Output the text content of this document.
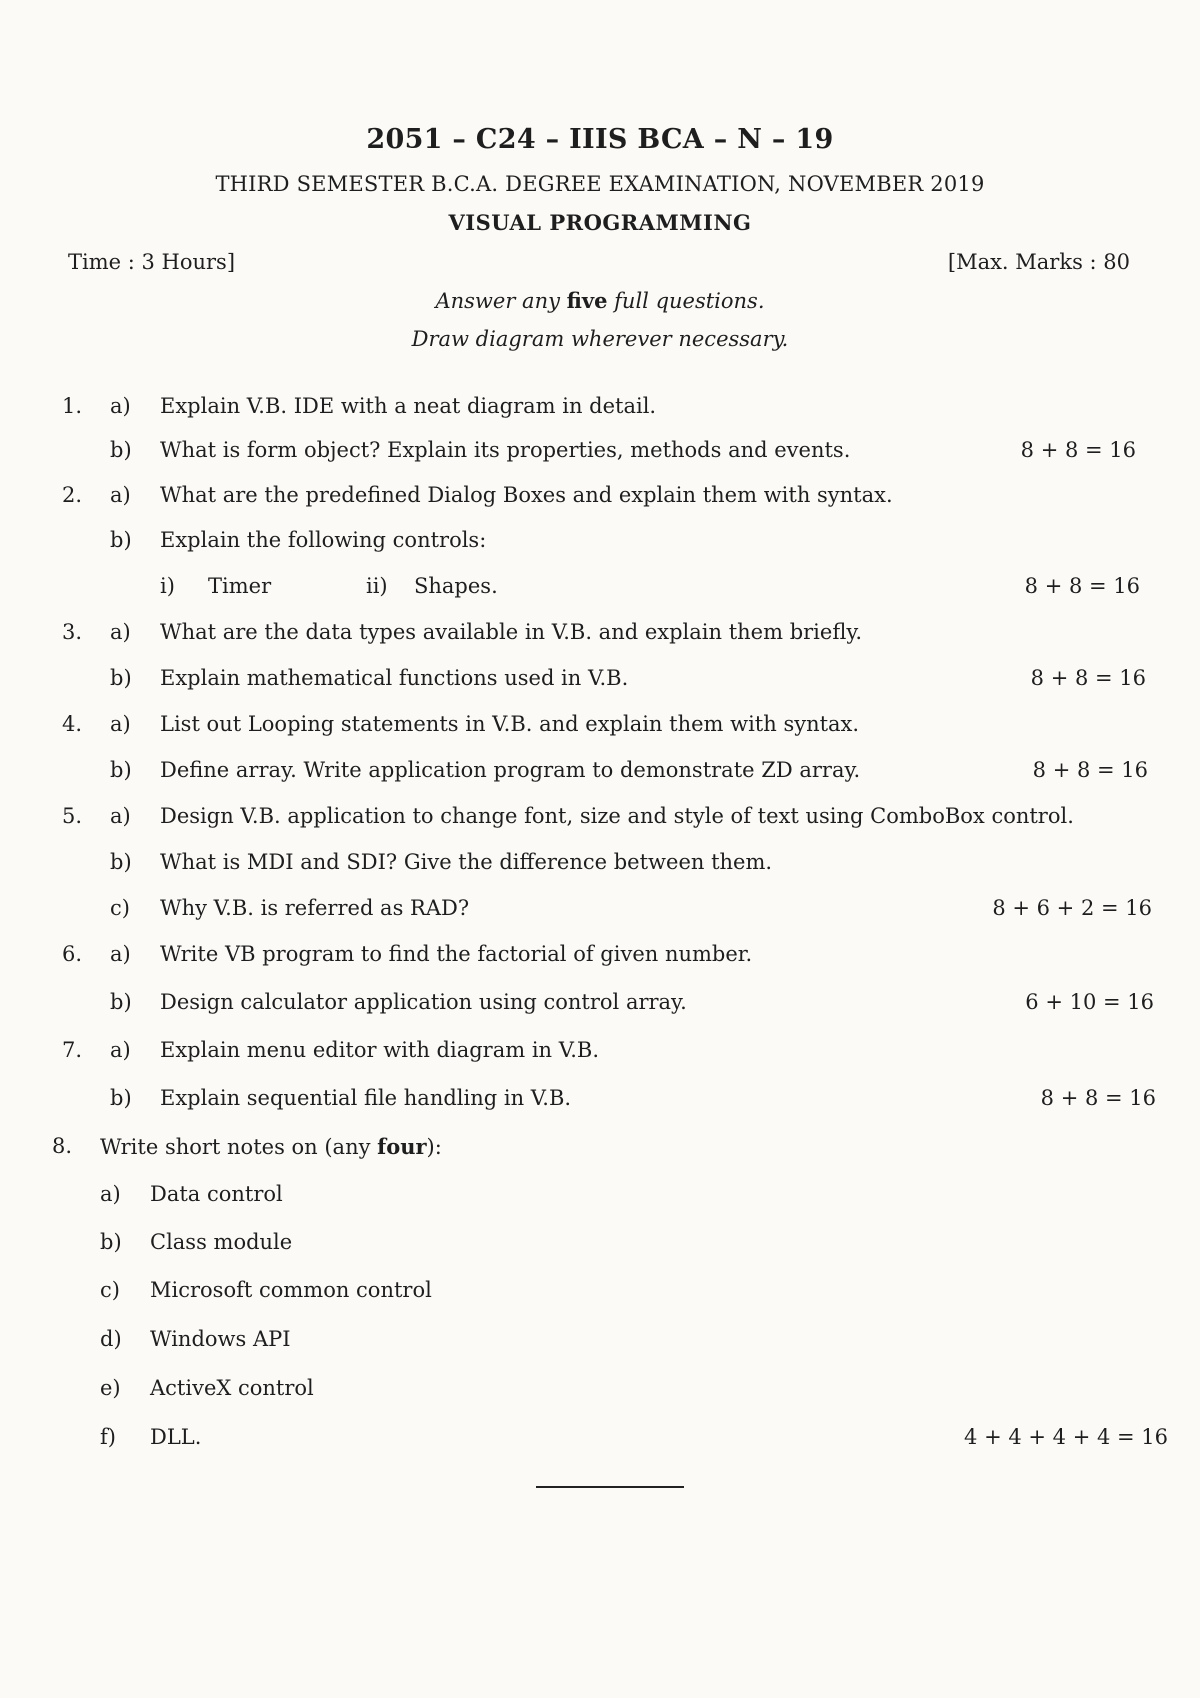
2051 – C24 – IIIS BCA – N – 19
THIRD SEMESTER B.C.A. DEGREE EXAMINATION, NOVEMBER 2019
VISUAL PROGRAMMING
Time : 3 Hours]	[Max. Marks : 80
Answer any five full questions.
Draw diagram wherever necessary.
1. a) Explain V.B. IDE with a neat diagram in detail.
b) What is form object? Explain its properties, methods and events.	8 + 8 = 16
2. a) What are the predefined Dialog Boxes and explain them with syntax.
b) Explain the following controls:
i) Timer	ii) Shapes.	8 + 8 = 16
3. a) What are the data types available in V.B. and explain them briefly.
b) Explain mathematical functions used in V.B.	8 + 8 = 16
4. a) List out Looping statements in V.B. and explain them with syntax.
b) Define array. Write application program to demonstrate ZD array.	8 + 8 = 16
5. a) Design V.B. application to change font, size and style of text using ComboBox control.
b) What is MDI and SDI? Give the difference between them.
c) Why V.B. is referred as RAD?	8 + 6 + 2 = 16
6. a) Write VB program to find the factorial of given number.
b) Design calculator application using control array.	6 + 10 = 16
7. a) Explain menu editor with diagram in V.B.
b) Explain sequential file handling in V.B.	8 + 8 = 16
8. Write short notes on (any four):
a) Data control
b) Class module
c) Microsoft common control
d) Windows API
e) ActiveX control
f) DLL.	4 + 4 + 4 + 4 = 16
